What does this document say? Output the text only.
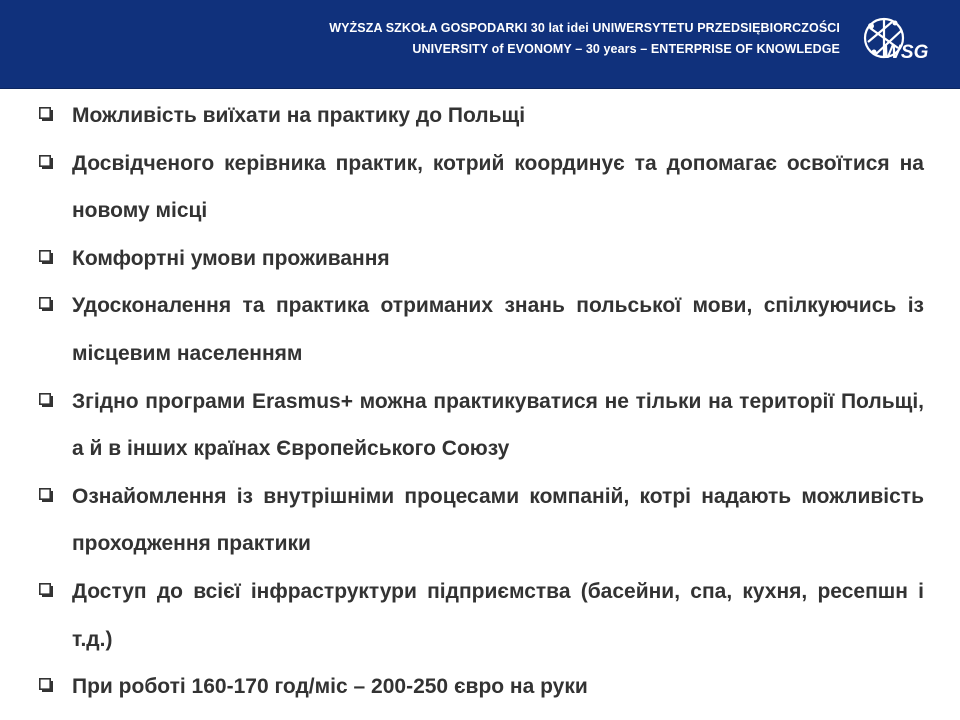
WYŻSZA SZKOŁA GOSPODARKI 30 lat idei UNIWERSYTETU PRZEDSIĘBIORCZOŚCI
UNIVERSITY of EVONOMY – 30 years – ENTERPRISE OF KNOWLEDGE WSG
Можливість виїхати на практику до Польщі
Досвідченого керівника практик, котрий координує та допомагає освоїтися на новому місці
Комфортні умови проживання
Удосконалення та практика отриманих знань польської мови, спілкуючись із місцевим населенням
Згідно програми Erasmus+ можна практикуватися не тільки на території Польщі, а й в інших країнах Європейського Союзу
Ознайомлення із внутрішніми процесами компаній, котрі надають можливість проходження практики
Доступ до всієї інфраструктури підприємства (басейни, спа, кухня, ресепшн і т.д.)
При роботі 160-170 год/міс – 200-250 євро на руки
